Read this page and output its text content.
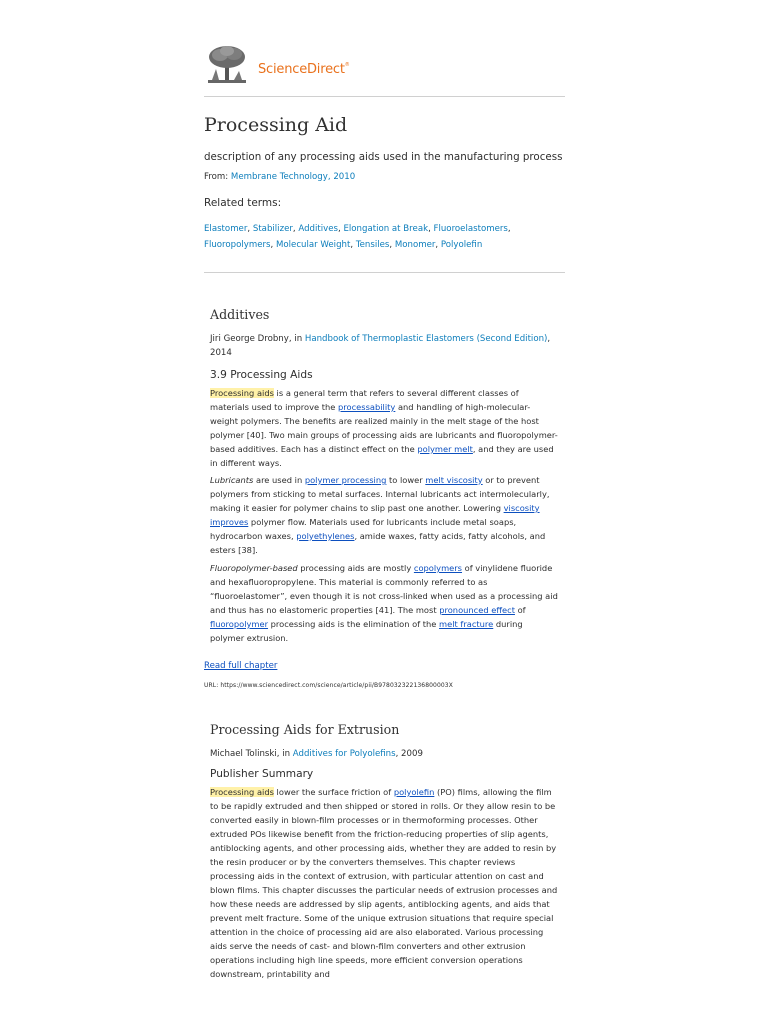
ScienceDirect®
Processing Aid
description of any processing aids used in the manufacturing process
From: Membrane Technology, 2010
Related terms:
Elastomer, Stabilizer, Additives, Elongation at Break, Fluoroelastomers,
Fluoropolymers, Molecular Weight, Tensiles, Monomer, Polyolefin
Additives
Jiri George Drobny, in Handbook of Thermoplastic Elastomers (Second Edition), 2014
3.9 Processing Aids

Processing aids is a general term that refers to several different classes of materials used to improve the processability and handling of high-molecular-weight polymers. The benefits are realized mainly in the melt stage of the host polymer [40]. Two main groups of processing aids are lubricants and fluoropolymer-based additives. Each has a distinct effect on the polymer melt, and they are used in different ways.

Lubricants are used in polymer processing to lower melt viscosity or to prevent polymers from sticking to metal surfaces. Internal lubricants act intermolecularly, making it easier for polymer chains to slip past one another. Lowering viscosity improves polymer flow. Materials used for lubricants include metal soaps, hydrocarbon waxes, polyethylenes, amide waxes, fatty acids, fatty alcohols, and esters [38].

Fluoropolymer-based processing aids are mostly copolymers of vinylidene fluoride and hexafluoropropylene. This material is commonly referred to as “fluoroelastomer”, even though it is not cross-linked when used as a processing aid and thus has no elastomeric properties [41]. The most pronounced effect of fluoropolymer processing aids is the elimination of the melt fracture during polymer extrusion.

Read full chapter
URL: https://www.sciencedirect.com/science/article/pii/B978032322136800003X
Processing Aids for Extrusion
Michael Tolinski, in Additives for Polyolefins, 2009
Publisher Summary

Processing aids lower the surface friction of polyolefin (PO) films, allowing the film to be rapidly extruded and then shipped or stored in rolls. Or they allow resin to be converted easily in blown-film processes or in thermoforming processes. Other extruded POs likewise benefit from the friction-reducing properties of slip agents, antiblocking agents, and other processing aids, whether they are added to resin by the resin producer or by the converters themselves. This chapter reviews processing aids in the context of extrusion, with particular attention on cast and blown films. This chapter discusses the particular needs of extrusion processes and how these needs are addressed by slip agents, antiblocking agents, and aids that prevent melt fracture. Some of the unique extrusion situations that require special attention in the choice of processing aid are also elaborated. Various processing aids serve the needs of cast- and blown-film converters and other extrusion operations including high line speeds, more efficient conversion operations downstream, printability and
